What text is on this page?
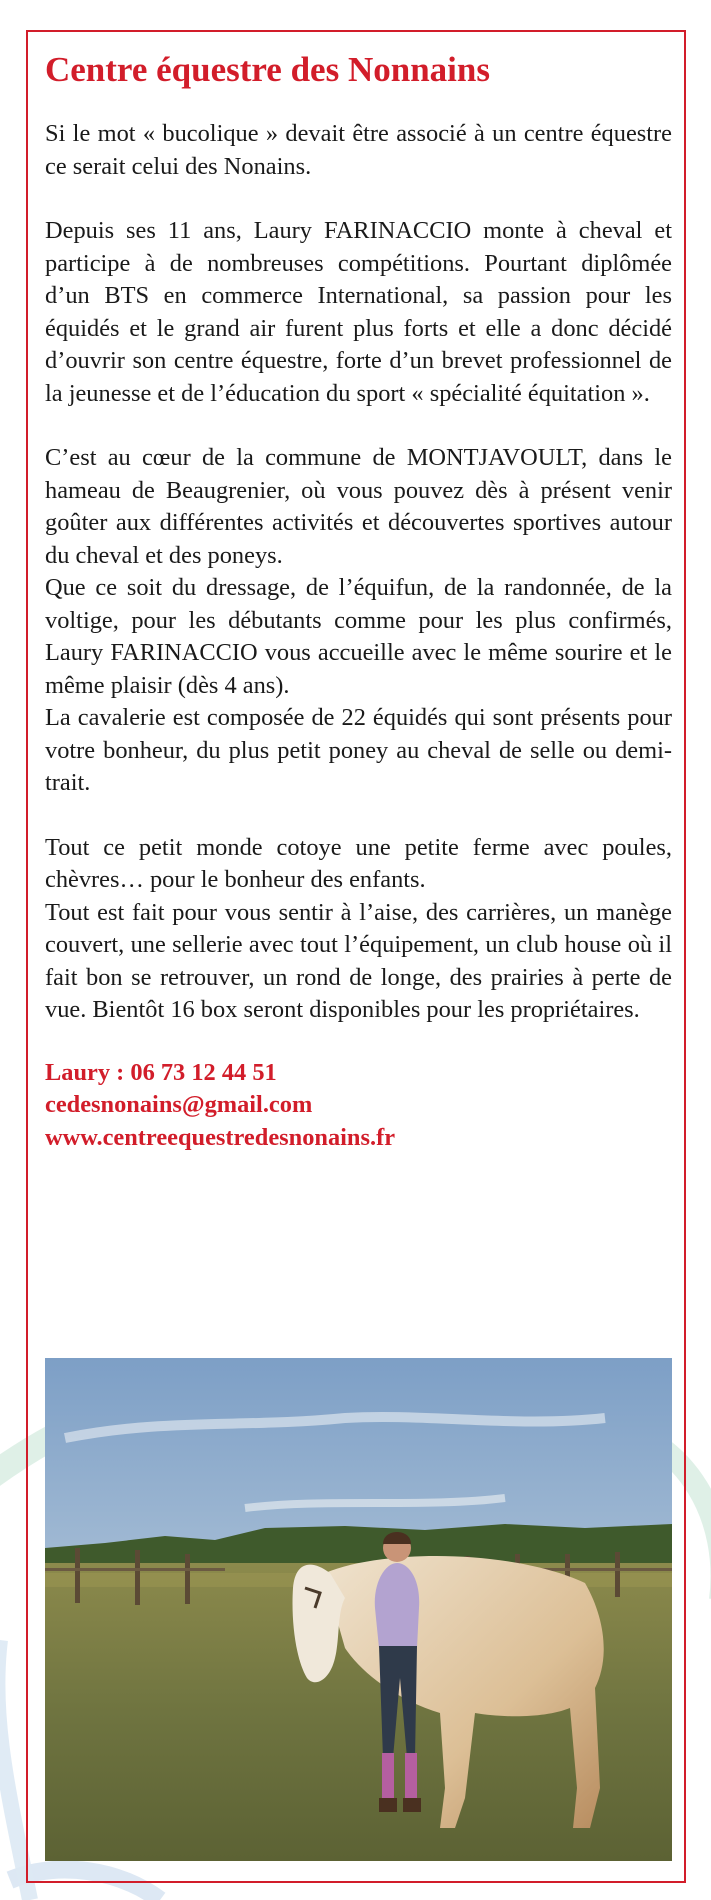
Centre équestre des Nonnains

Si le mot « bucolique » devait être associé à un centre équestre ce serait celui des Nonains.

Depuis ses 11 ans, Laury FARINACCIO monte à cheval et participe à de nombreuses compétitions. Pourtant diplômée d’un BTS en commerce International, sa passion pour les équidés et le grand air furent plus forts et elle a donc décidé d’ouvrir son centre équestre, forte d’un brevet professionnel de la jeunesse et de l’éducation du sport « spécialité équitation ».

C’est au cœur de la commune de MONTJAVOULT, dans le hameau de Beaugrenier, où vous pouvez dès à présent venir goûter aux différentes activités et découvertes sportives autour du cheval et des poneys.

Que ce soit du dressage, de l’équifun, de la randonnée, de la voltige, pour les débutants comme pour les plus confirmés, Laury FARINACCIO vous accueille avec le même sourire et le même plaisir (dès 4 ans).

La cavalerie est composée de 22 équidés qui sont présents pour votre bonheur, du plus petit poney au cheval de selle ou demi-trait.

Tout ce petit monde cotoye une petite ferme avec poules, chèvres… pour le bonheur des enfants.

Tout est fait pour vous sentir à l’aise, des carrières, un manège couvert, une sellerie avec tout l’équipement, un club house où il fait bon se retrouver, un rond de longe, des prairies à perte de vue. Bientôt 16 box seront disponibles pour les propriétaires.

Laury : 06 73 12 44 51
cedesnonains@gmail.com
www.centreequestredesnonains.fr
